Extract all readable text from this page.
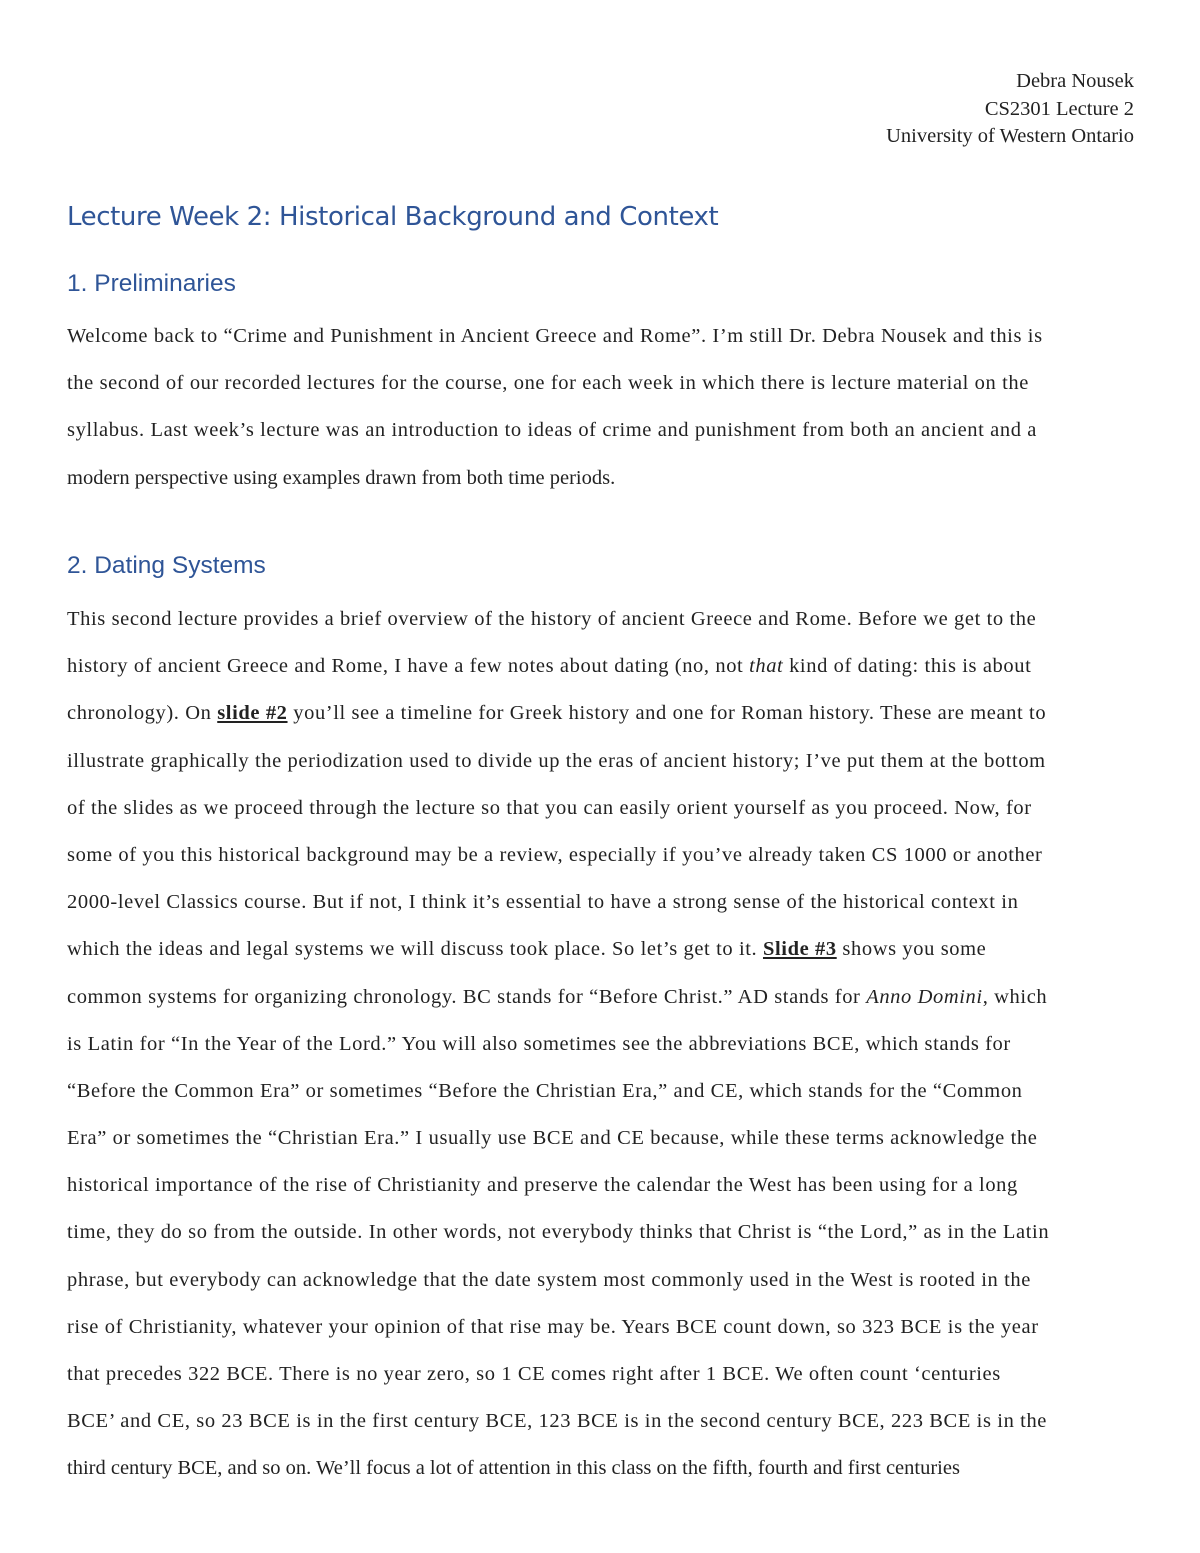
Debra Nousek
CS2301 Lecture 2
University of Western Ontario
Lecture Week 2: Historical Background and Context
1. Preliminaries
Welcome back to “Crime and Punishment in Ancient Greece and Rome”. I’m still Dr. Debra Nousek and this is
the second of our recorded lectures for the course, one for each week in which there is lecture material on the
syllabus. Last week’s lecture was an introduction to ideas of crime and punishment from both an ancient and a
modern perspective using examples drawn from both time periods.
2. Dating Systems
This second lecture provides a brief overview of the history of ancient Greece and Rome. Before we get to the
history of ancient Greece and Rome, I have a few notes about dating (no, not that kind of dating: this is about
chronology). On slide #2 you’ll see a timeline for Greek history and one for Roman history. These are meant to
illustrate graphically the periodization used to divide up the eras of ancient history; I’ve put them at the bottom
of the slides as we proceed through the lecture so that you can easily orient yourself as you proceed. Now, for
some of you this historical background may be a review, especially if you’ve already taken CS 1000 or another
2000-level Classics course. But if not, I think it’s essential to have a strong sense of the historical context in
which the ideas and legal systems we will discuss took place. So let’s get to it. Slide #3 shows you some
common systems for organizing chronology. BC stands for “Before Christ.” AD stands for Anno Domini, which
is Latin for “In the Year of the Lord.” You will also sometimes see the abbreviations BCE, which stands for
“Before the Common Era” or sometimes “Before the Christian Era,” and CE, which stands for the “Common
Era” or sometimes the “Christian Era.” I usually use BCE and CE because, while these terms acknowledge the
historical importance of the rise of Christianity and preserve the calendar the West has been using for a long
time, they do so from the outside. In other words, not everybody thinks that Christ is “the Lord,” as in the Latin
phrase, but everybody can acknowledge that the date system most commonly used in the West is rooted in the
rise of Christianity, whatever your opinion of that rise may be. Years BCE count down, so 323 BCE is the year
that precedes 322 BCE. There is no year zero, so 1 CE comes right after 1 BCE. We often count ‘centuries
BCE’ and CE, so 23 BCE is in the first century BCE, 123 BCE is in the second century BCE, 223 BCE is in the
third century BCE, and so on. We’ll focus a lot of attention in this class on the fifth, fourth and first centuries
